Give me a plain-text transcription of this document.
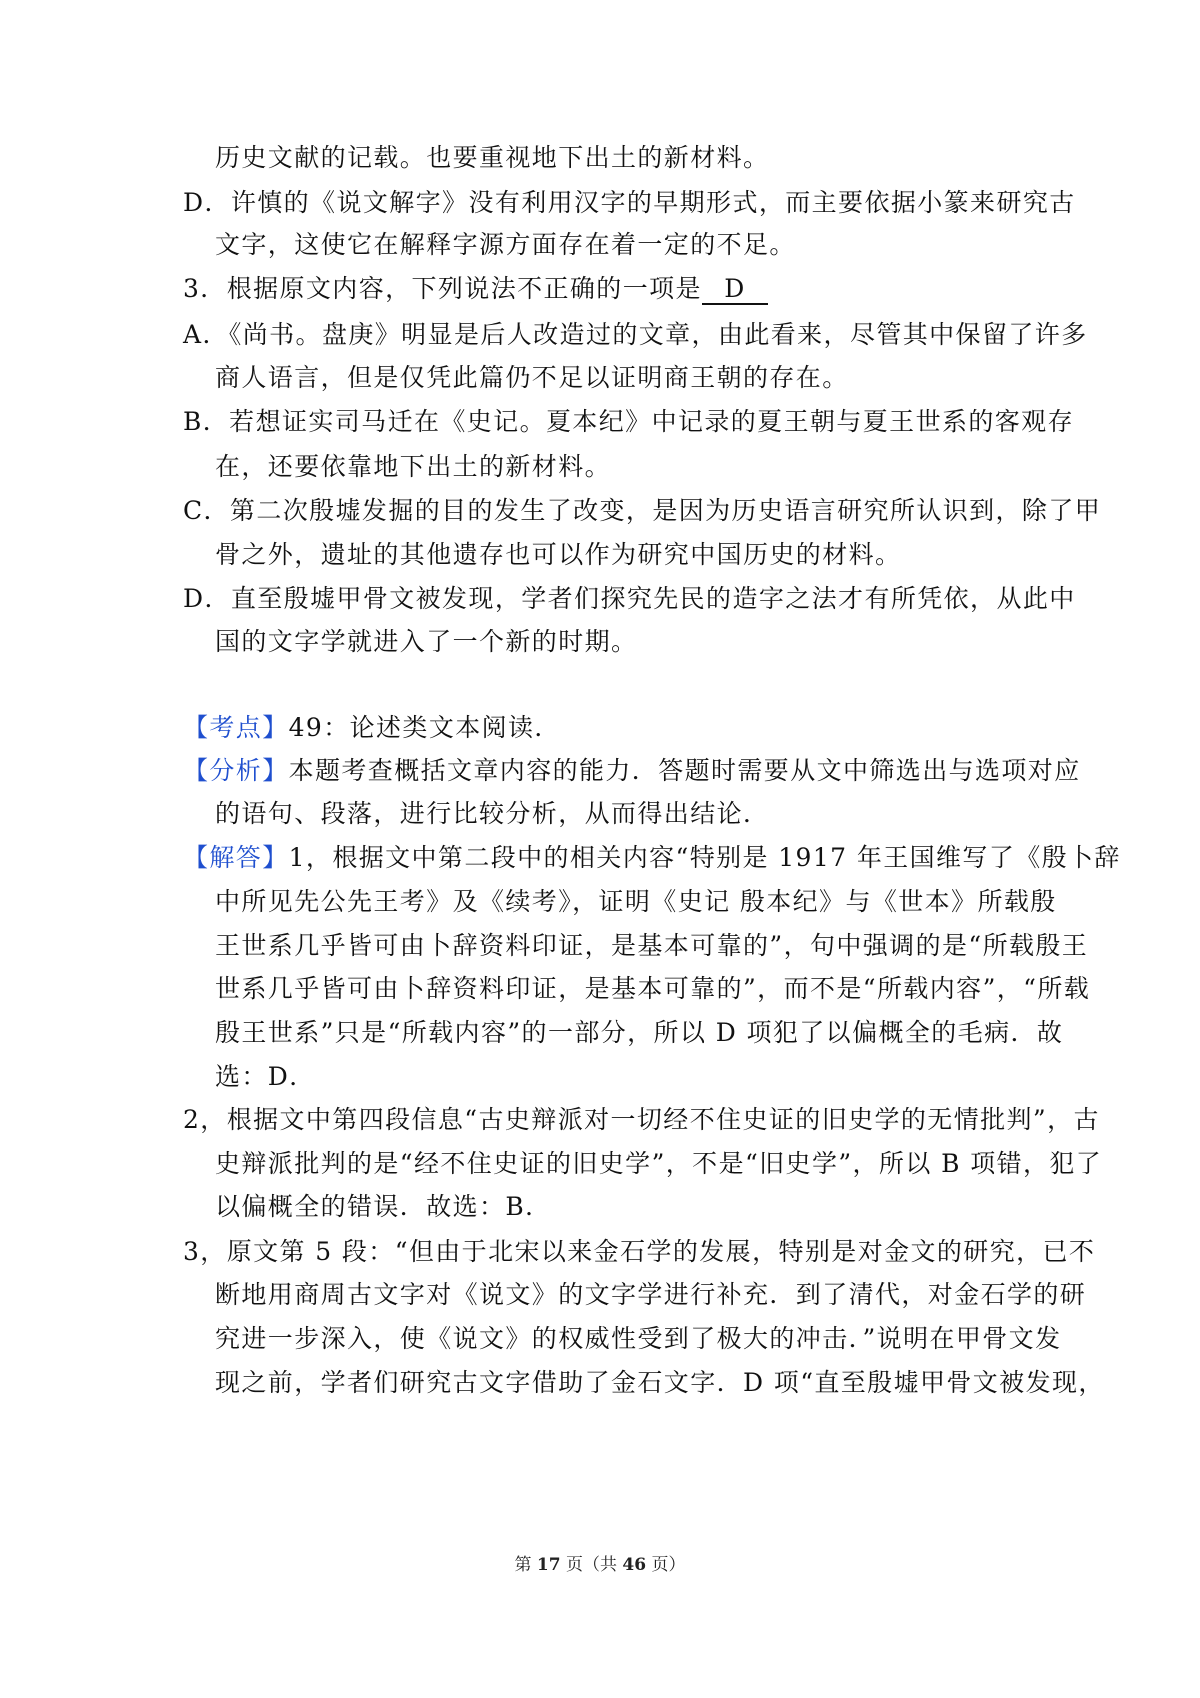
历史文献的记载。也要重视地下出土的新材料。
D．许慎的《说文解字》没有利用汉字的早期形式，而主要依据小篆来研究古
文字，这使它在解释字源方面存在着一定的不足。
3．根据原文内容，下列说法不正确的一项是 D
A．《尚书。盘庚》明显是后人改造过的文章，由此看来，尽管其中保留了许多
商人语言，但是仅凭此篇仍不足以证明商王朝的存在。
B．若想证实司马迁在《史记。夏本纪》中记录的夏王朝与夏王世系的客观存
在，还要依靠地下出土的新材料。
C．第二次殷墟发掘的目的发生了改变，是因为历史语言研究所认识到，除了甲
骨之外，遗址的其他遗存也可以作为研究中国历史的材料。
D．直至殷墟甲骨文被发现，学者们探究先民的造字之法才有所凭依，从此中
国的文字学就进入了一个新的时期。
【考点】49：论述类文本阅读．
【分析】本题考查概括文章内容的能力．答题时需要从文中筛选出与选项对应
的语句、段落，进行比较分析，从而得出结论．
【解答】1，根据文中第二段中的相关内容“特别是 1917 年王国维写了《殷卜辞
中所见先公先王考》及《续考》，证明《史记 殷本纪》与《世本》所载殷
王世系几乎皆可由卜辞资料印证，是基本可靠的”，句中强调的是“所载殷王
世系几乎皆可由卜辞资料印证，是基本可靠的”，而不是“所载内容”，“所载
殷王世系”只是“所载内容”的一部分，所以 D 项犯了以偏概全的毛病．故
选：D．
2，根据文中第四段信息“古史辩派对一切经不住史证的旧史学的无情批判”，古
史辩派批判的是“经不住史证的旧史学”，不是“旧史学”，所以 B 项错，犯了
以偏概全的错误．故选：B．
3，原文第 5 段：“但由于北宋以来金石学的发展，特别是对金文的研究，已不
断地用商周古文字对《说文》的文字学进行补充．到了清代，对金石学的研
究进一步深入，使《说文》的权威性受到了极大的冲击．”说明在甲骨文发
现之前，学者们研究古文字借助了金石文字．D 项“直至殷墟甲骨文被发现，
第 17 页（共 46 页）
